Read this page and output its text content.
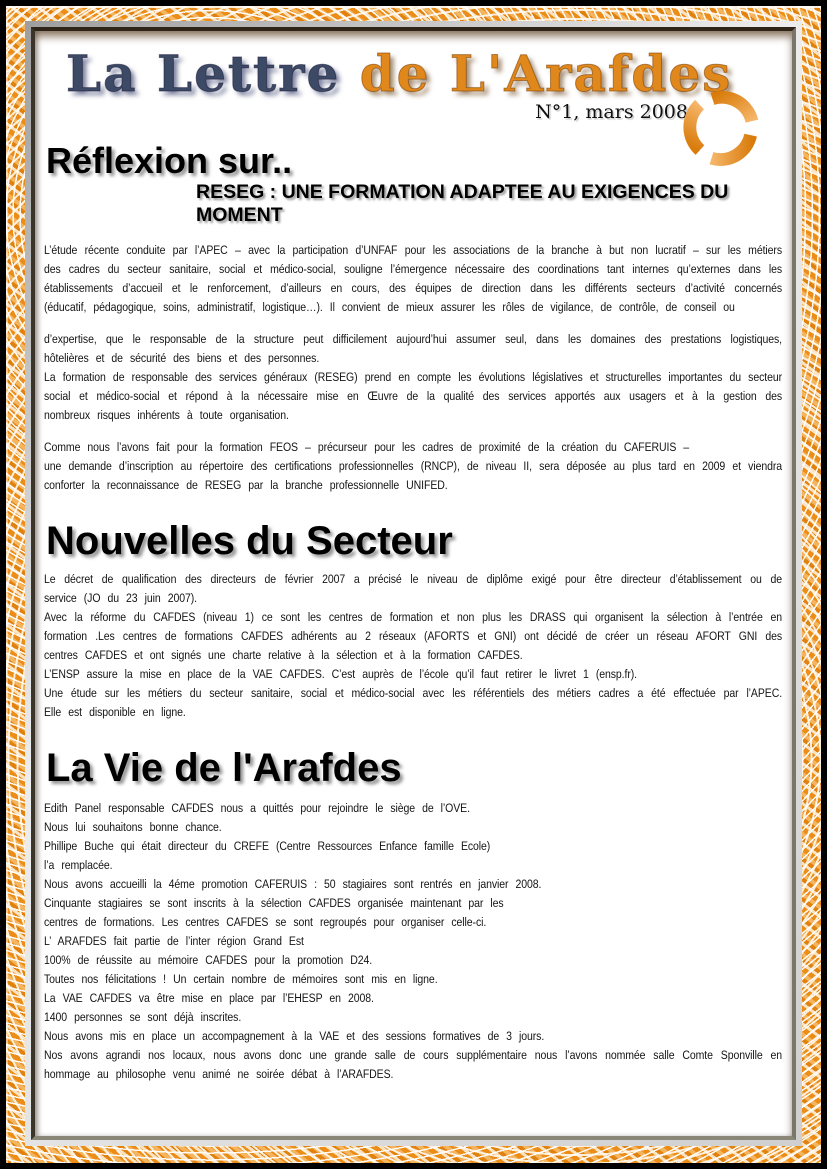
La Lettre de L'Arafdes
N°1, mars 2008
Réflexion sur..
RESEG : UNE FORMATION ADAPTEE AU EXIGENCES DU MOMENT

L’étude récente conduite par l’APEC – avec la participation d’UNFAF pour les associations de la branche à but non lucratif – sur les métiers des cadres du secteur sanitaire, social et médico-social, souligne l’émergence nécessaire des coordinations tant internes qu’externes dans les établissements d’accueil et le renforcement, d’ailleurs en cours, des équipes de direction dans les différents secteurs d’activité concernés (éducatif, pédagogique, soins, administratif, logistique…). Il convient de mieux assurer les rôles de vigilance, de contrôle, de conseil ou

d’expertise, que le responsable de la structure peut difficilement aujourd’hui assumer seul, dans les domaines des prestations logistiques, hôtelières et de sécurité des biens et des personnes.

La formation de responsable des services généraux (RESEG) prend en compte les évolutions législatives et structurelles importantes du secteur social et médico-social et répond à la nécessaire mise en Œuvre de la qualité des services apportés aux usagers et à la gestion des nombreux risques inhérents à toute organisation.

Comme nous l’avons fait pour la formation FEOS – précurseur pour les cadres de proximité de la création du CAFERUIS –

une demande d’inscription au répertoire des certifications professionnelles (RNCP), de niveau II, sera déposée au plus tard en 2009 et viendra conforter la reconnaissance de RESEG par la branche professionnelle UNIFED.

Nouvelles du Secteur

Le décret de qualification des directeurs de février 2007 a précisé le niveau de diplôme exigé pour être directeur d’établissement ou de service (JO du 23 juin 2007).

Avec la réforme du CAFDES (niveau 1) ce sont les centres de formation et non plus les DRASS qui organisent la sélection à l’entrée en formation .Les centres de formations CAFDES adhérents au 2 réseaux (AFORTS et GNI) ont décidé de créer un réseau AFORT GNI des centres CAFDES et ont signés une charte relative à la sélection et à la formation CAFDES.

L’ENSP assure la mise en place de la VAE CAFDES. C’est auprès de l’école qu’il faut retirer le livret 1 (ensp.fr).

Une étude sur les métiers du secteur sanitaire, social et médico-social avec les référentiels des métiers cadres a été effectuée par l’APEC. Elle est disponible en ligne.

La Vie de l'Arafdes

Edith Panel responsable CAFDES nous a quittés pour rejoindre le siège de l’OVE.

Nous lui souhaitons bonne chance.

Phillipe Buche qui était directeur du CREFE (Centre Ressources Enfance famille Ecole)

l’a remplacée.

Nous avons accueilli la 4éme promotion CAFERUIS : 50 stagiaires sont rentrés en janvier 2008.

Cinquante stagiaires se sont inscrits à la sélection CAFDES organisée maintenant par les

centres de formations. Les centres CAFDES se sont regroupés pour organiser celle-ci.

L’ ARAFDES fait partie de l’inter région Grand Est

100% de réussite au mémoire CAFDES pour la promotion D24.

Toutes nos félicitations ! Un certain nombre de mémoires sont mis en ligne.

La VAE CAFDES va être mise en place par l’EHESP en 2008.

1400 personnes se sont déjà inscrites.

Nous avons mis en place un accompagnement à la VAE et des sessions formatives de 3 jours.

Nos avons agrandi nos locaux, nous avons donc une grande salle de cours supplémentaire nous l’avons nommée salle Comte Sponville en hommage au philosophe venu animé ne soirée débat à l’ARAFDES.
